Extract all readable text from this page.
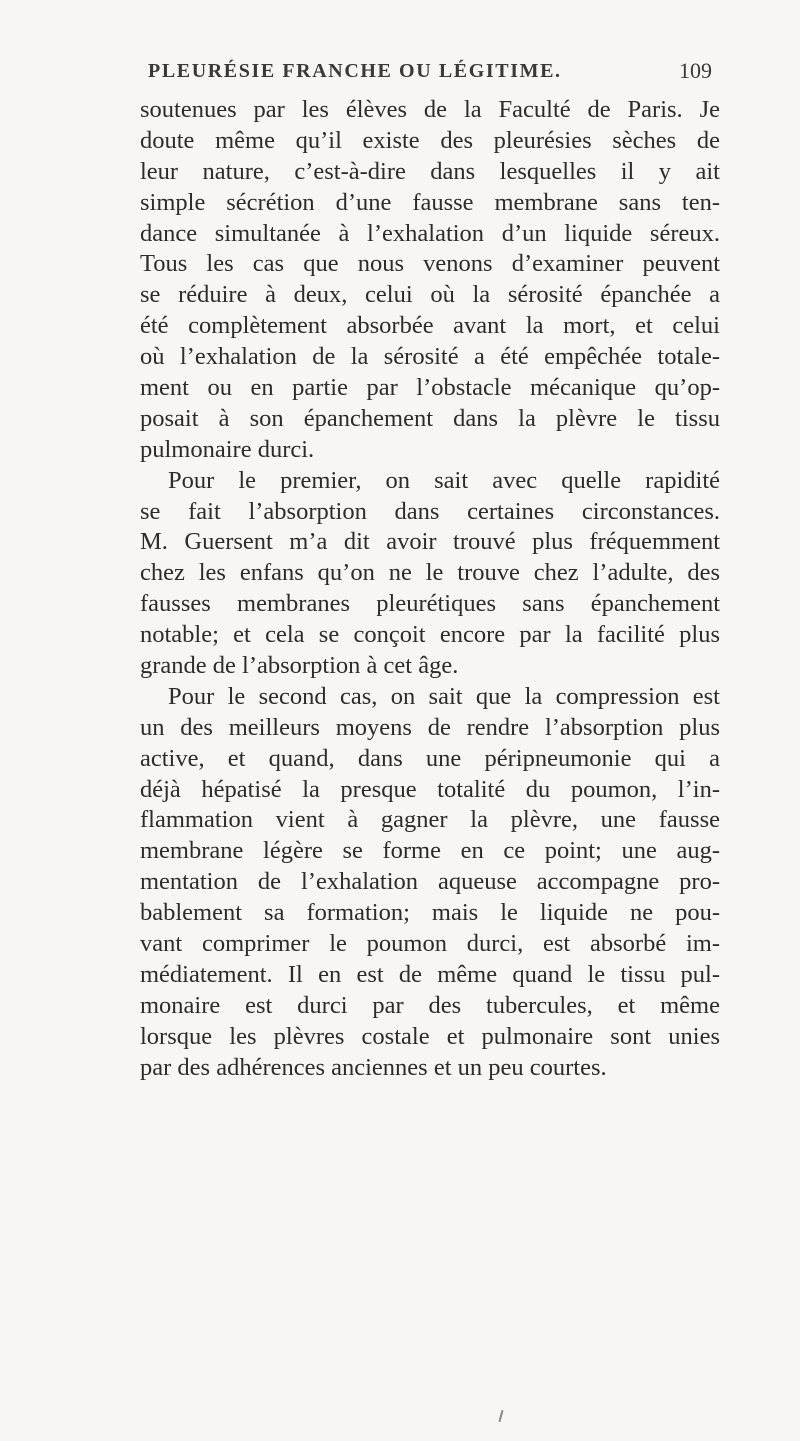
PLEURÉSIE FRANCHE OU LÉGITIME.	109
soutenues par les élèves de la Faculté de Paris. Je
doute même qu’il existe des pleurésies sèches de
leur nature, c’est-à-dire dans lesquelles il y ait
simple sécrétion d’une fausse membrane sans ten-
dance simultanée à l’exhalation d’un liquide séreux.
Tous les cas que nous venons d’examiner peuvent
se réduire à deux, celui où la sérosité épanchée a
été complètement absorbée avant la mort, et celui
où l’exhalation de la sérosité a été empêchée totale-
ment ou en partie par l’obstacle mécanique qu’op-
posait à son épanchement dans la plèvre le tissu
pulmonaire durci.
Pour le premier, on sait avec quelle rapidité
se fait l’absorption dans certaines circonstances.
M. Guersent m’a dit avoir trouvé plus fréquemment
chez les enfans qu’on ne le trouve chez l’adulte, des
fausses membranes pleurétiques sans épanchement
notable; et cela se conçoit encore par la facilité plus
grande de l’absorption à cet âge.
Pour le second cas, on sait que la compression est
un des meilleurs moyens de rendre l’absorption plus
active, et quand, dans une péripneumonie qui a
déjà hépatisé la presque totalité du poumon, l’in-
flammation vient à gagner la plèvre, une fausse
membrane légère se forme en ce point; une aug-
mentation de l’exhalation aqueuse accompagne pro-
bablement sa formation; mais le liquide ne pou-
vant comprimer le poumon durci, est absorbé im-
médiatement. Il en est de même quand le tissu pul-
monaire est durci par des tubercules, et même
lorsque les plèvres costale et pulmonaire sont unies
par des adhérences anciennes et un peu courtes.
